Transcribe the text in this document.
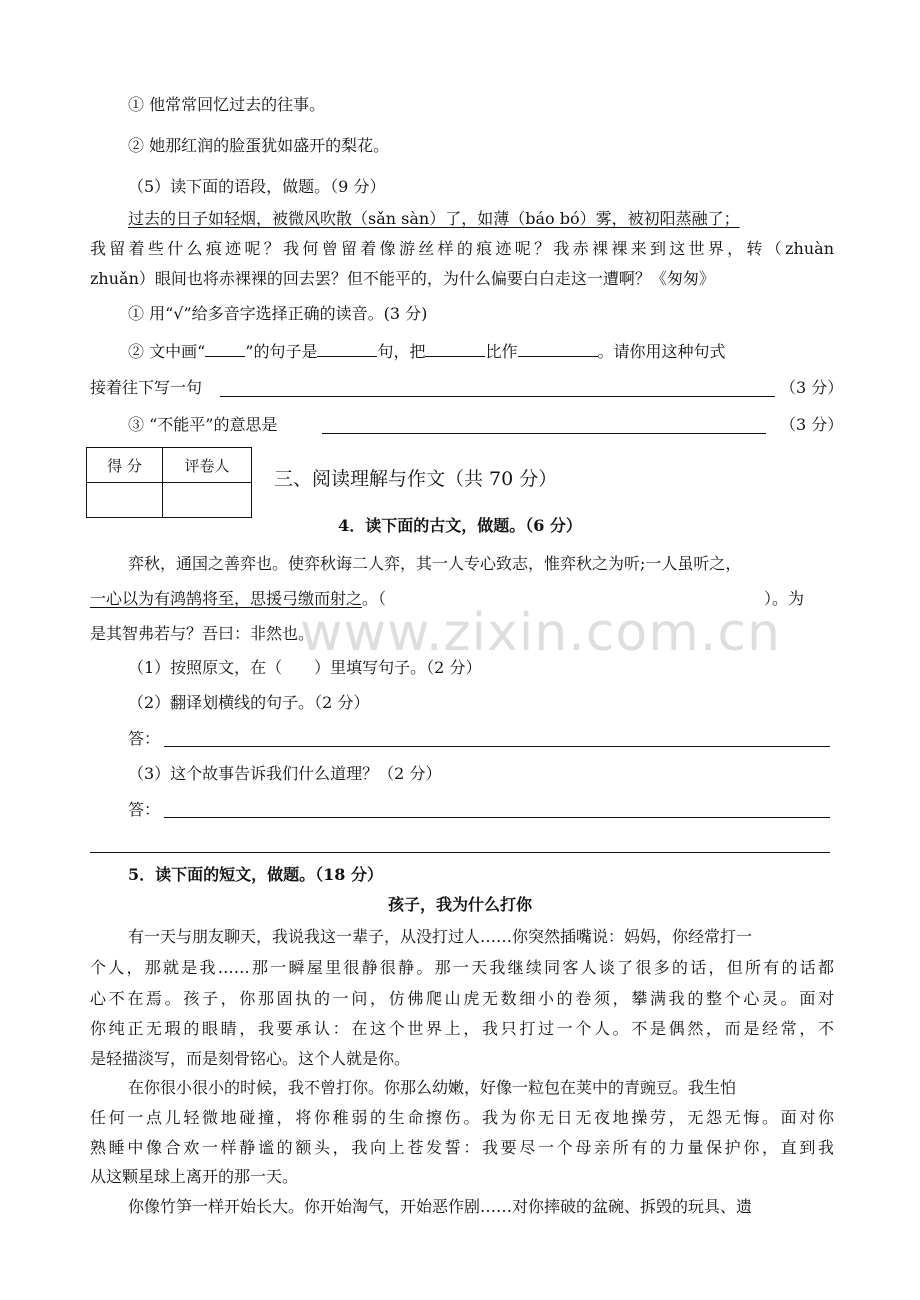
① 他常常回忆过去的往事。
② 她那红润的脸蛋犹如盛开的梨花。
（5）读下面的语段，做题。（9 分）
过去的日子如轻烟，被微风吹散（sǎn sàn）了，如薄（báo bó）雾，被初阳蒸融了；
我留着些什么痕迹呢？我何曾留着像游丝样的痕迹呢？我赤裸裸来到这世界，转（zhuàn
zhuǎn）眼间也将赤裸裸的回去罢？但不能平的，为什么偏要白白走这一遭啊？《匆匆》
① 用“√”给多音字选择正确的读音。(3 分)
② 文中画“	”的句子是	句，把	比作	。请你用这种句式
接着往下写一句	（3 分）
③ “不能平”的意思是	（3 分）
得 分	评卷人

三、阅读理解与作文（共 70 分）
4．读下面的古文，做题。（6 分）
弈秋，通国之善弈也。使弈秋诲二人弈，其一人专心致志，惟弈秋之为听;一人虽听之，
一心以为有鸿鹄将至，思援弓缴而射之。（	）。为
是其智弗若与？吾曰：非然也。
（1）按照原文，在（　　）里填写句子。（2 分）
（2）翻译划横线的句子。（2 分）
答：
（3）这个故事告诉我们什么道理？（2 分）
答：
5．读下面的短文，做题。（18 分）
孩子，我为什么打你
有一天与朋友聊天，我说我这一辈子，从没打过人……你突然插嘴说：妈妈，你经常打一
个人，那就是我……那一瞬屋里很静很静。那一天我继续同客人谈了很多的话，但所有的话都
心不在焉。孩子，你那固执的一问，仿佛爬山虎无数细小的卷须，攀满我的整个心灵。面对
你纯正无瑕的眼睛，我要承认：在这个世界上，我只打过一个人。不是偶然，而是经常，不
是轻描淡写，而是刻骨铭心。这个人就是你。
在你很小很小的时候，我不曾打你。你那么幼嫩，好像一粒包在荚中的青豌豆。我生怕
任何一点儿轻微地碰撞，将你稚弱的生命擦伤。我为你无日无夜地操劳，无怨无悔。面对你
熟睡中像合欢一样静谧的额头，我向上苍发誓：我要尽一个母亲所有的力量保护你，直到我
从这颗星球上离开的那一天。
你像竹笋一样开始长大。你开始淘气，开始恶作剧……对你摔破的盆碗、拆毁的玩具、遗
www.zixin.com.cn
